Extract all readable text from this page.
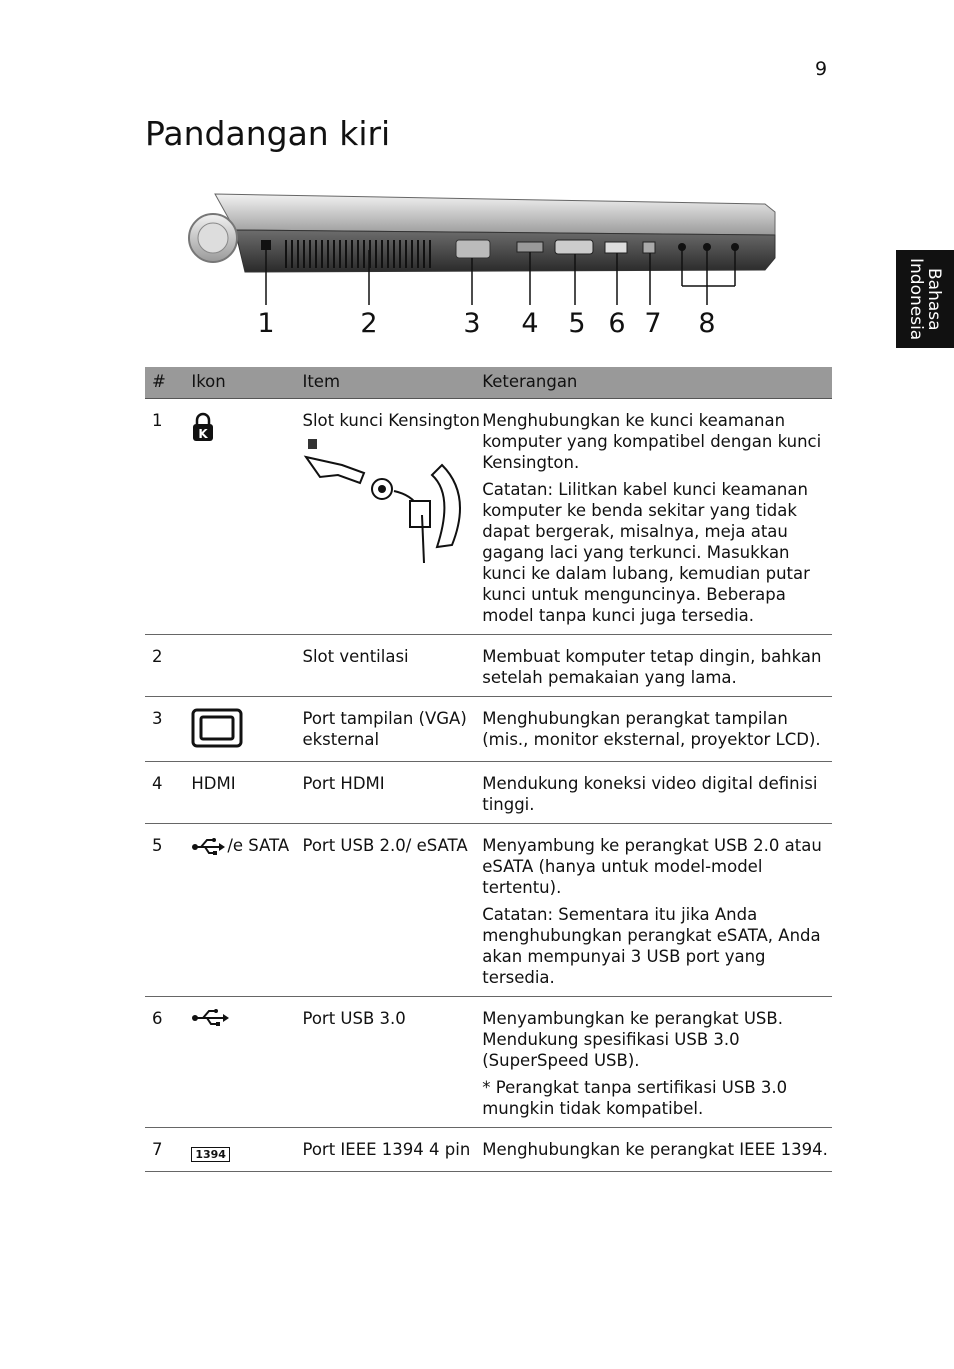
9
Pandangan kiri
Bahasa Indonesia
1	2	3 4 5 6 7 8
#	Ikon	Item	Keterangan
1	K	Slot kunci Kensington	Menghubungkan ke kunci keamanan komputer yang kompatibel dengan kunci Kensington.
Catatan: Lilitkan kabel kunci keamanan komputer ke benda sekitar yang tidak dapat bergerak, misalnya, meja atau gagang laci yang terkunci. Masukkan kunci ke dalam lubang, kemudian putar kunci untuk menguncinya. Beberapa model tanpa kunci juga tersedia.

2		Slot ventilasi	Membuat komputer tetap dingin, bahkan setelah pemakaian yang lama.
3		Port tampilan (VGA) eksternal	Menghubungkan perangkat tampilan (mis., monitor eksternal, proyektor LCD).
4	HDMI	Port HDMI	Mendukung koneksi video digital definisi tinggi.
5	/e SATA	Port USB 2.0/ eSATA	Menyambung ke perangkat USB 2.0 atau eSATA (hanya untuk model-model tertentu).
Catatan: Sementara itu jika Anda menghubungkan perangkat eSATA, Anda akan mempunyai 3 USB port yang tersedia.

6		Port USB 3.0	Menyambungkan ke perangkat USB. Mendukung spesifikasi USB 3.0 (SuperSpeed USB).
* Perangkat tanpa sertifikasi USB 3.0 mungkin tidak kompatibel.

7	1394	Port IEEE 1394 4 pin	Menghubungkan ke perangkat IEEE 1394.
